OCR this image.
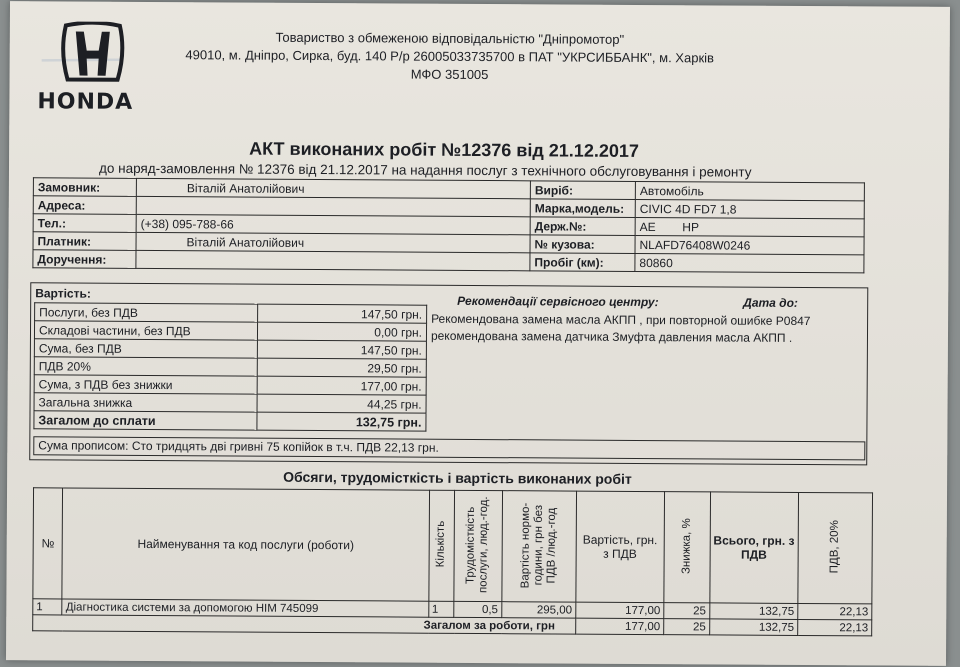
HONDA
Товариство з обмеженою відповідальністю "Дніпромотор"
49010, м. Дніпро, Сирка, буд. 140 Р/р 26005033735700 в ПАТ "УКРСИББАНК", м. Харків
МФО 351005
АКТ виконаних робіт №12376 від 21.12.2017
до наряд-замовлення № 12376 від 21.12.2017 на надання послуг з технічного обслуговування і ремонту
Замовник:	Віталій Анатолійович	Виріб:	Автомобіль
Адреса:		Марка,модель:	CIVIC 4D FD7 1,8
Тел.:	(+38) 095-788-66	Держ.№:	AE        HP
Платник:	Віталій Анатолійович	№ кузова:	NLAFD76408W0246
Доручення:		Пробіг (км):	80860
Вартість:
Послуги, без ПДВ	147,50 грн.
Складові частини, без ПДВ	0,00 грн.
Сума, без ПДВ	147,50 грн.
ПДВ 20%	29,50 грн.
Сума, з ПДВ без знижки	177,00 грн.
Загальна знижка	44,25 грн.
Загалом до сплати	132,75 грн.
Рекомендації сервісного центру:	Дата до:
Рекомендована замена масла АКПП , при повторной ошибке P0847
рекомендована замена датчика Змуфта давления масла АКПП .
Сума прописом: Сто тридцять дві гривні 75 копійок в т.ч. ПДВ 22,13 грн.
Обсяги, трудомісткість і вартість виконаних робіт
№	Найменування та код послуги (роботи)	Кількість	Трудомісткість послуги, люд.-год.	Вартість нормо-години, грн без ПДВ /люд.-год	Вартість, грн. з ПДВ	Знижка, %	Всього, грн. з ПДВ	ПДВ, 20%
1	Діагностика системи за допомогою HIM 745099	1	0,5	295,00	177,00	25	132,75	22,13
Загалом за роботи, грн					177,00	25	132,75	22,13
